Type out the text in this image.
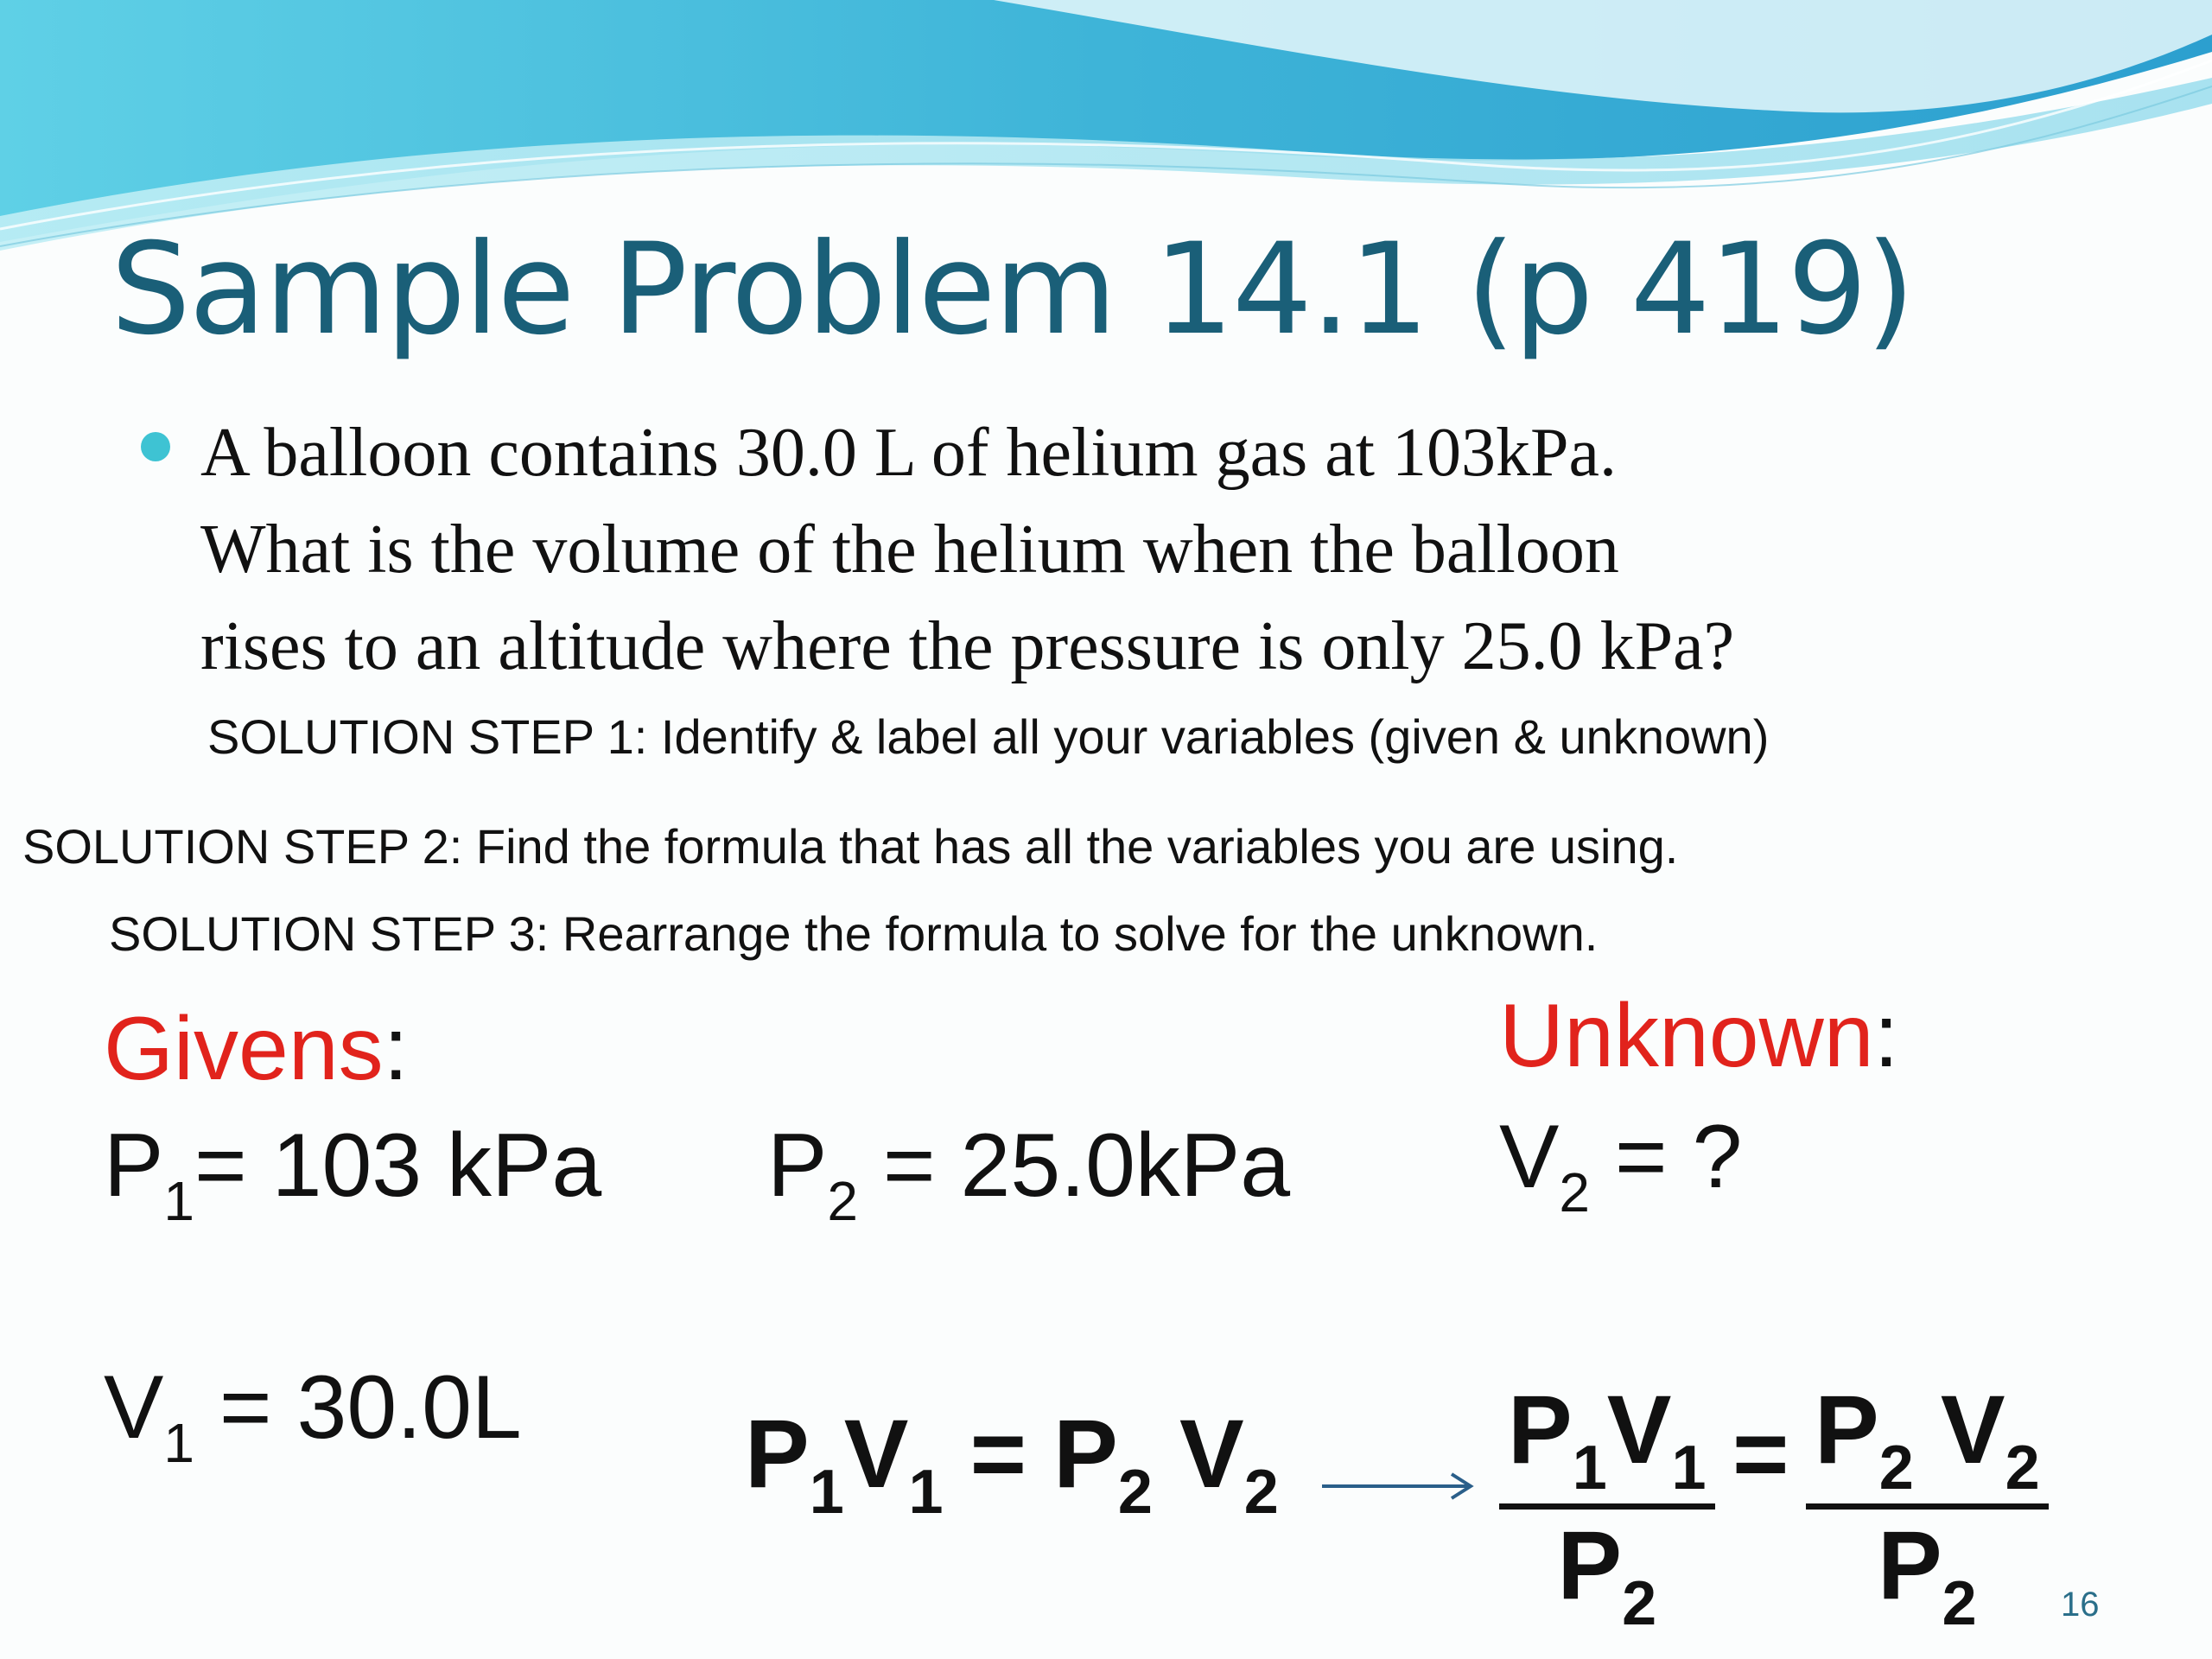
Sample Problem 14.1 (p 419)
A balloon contains 30.0 L of helium gas at 103kPa.
What is the volume of the helium when the balloon
rises to an altitude where the pressure is only 25.0 kPa?
SOLUTION STEP 1: Identify & label all your variables (given & unknown)
SOLUTION STEP 2: Find the formula that has all the variables you are using.
SOLUTION STEP 3: Rearrange the formula to solve for the unknown.
Givens:	Unknown:
$P_1= 103$ kPa $P_2 = 25.0kPa$ $V_2$ = ?
$V_1 = 30.0L$ $P_1V_1 = P_2$ $V_2 \frac{P_1V_1}{P_2} = \frac{P_2 V_2}{P_2} 16$
